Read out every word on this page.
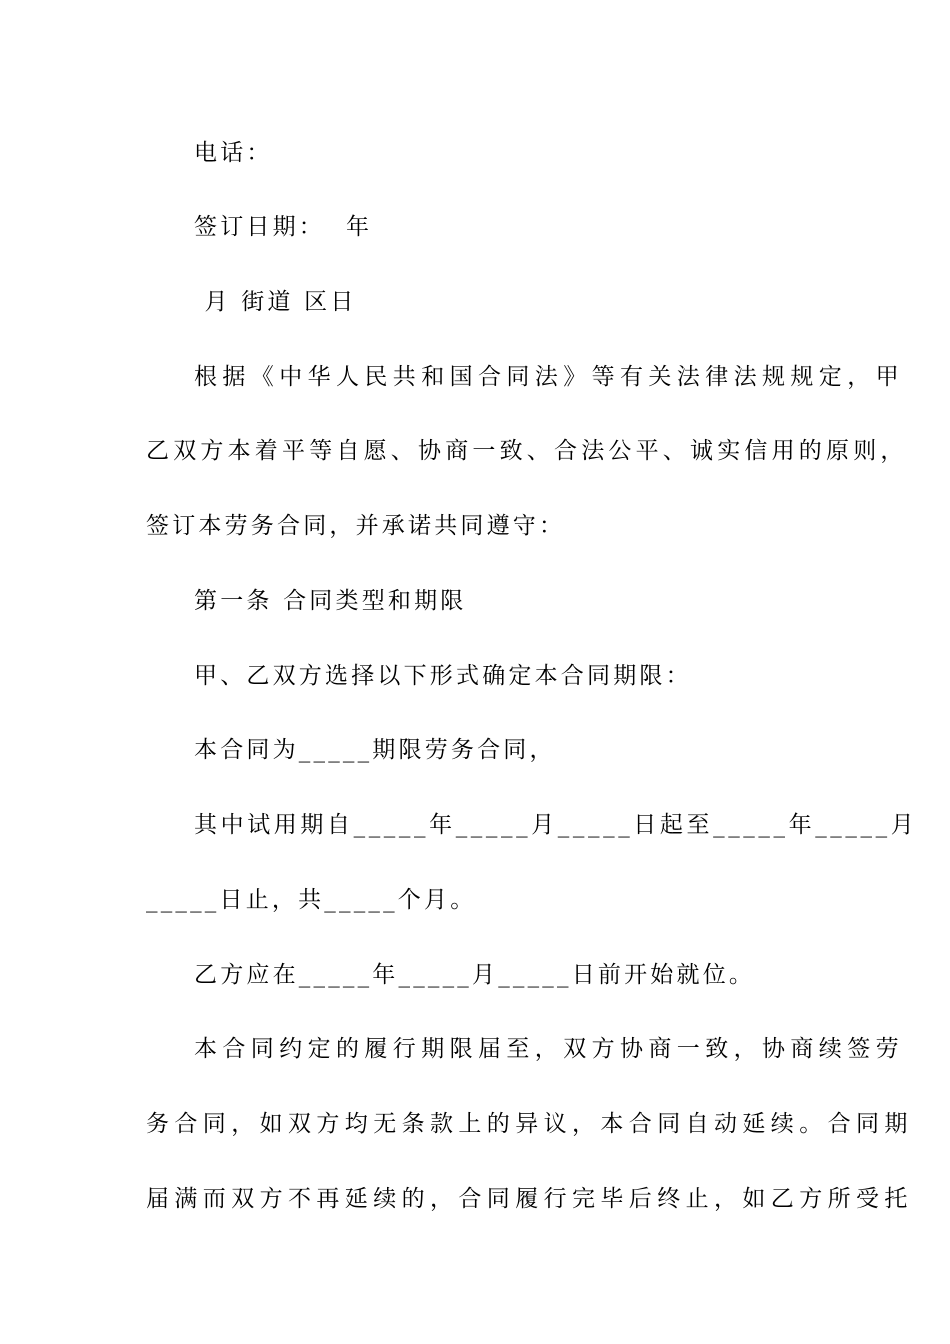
电话：
签订日期：  年
月 街道 区日
根据《中华人民共和国合同法》等有关法律法规规定，甲
乙双方本着平等自愿、协商一致、合法公平、诚实信用的原则，
签订本劳务合同，并承诺共同遵守：
第一条 合同类型和期限
甲、乙双方选择以下形式确定本合同期限：
本合同为_____期限劳务合同，
其中试用期自_____年_____月_____日起至_____年_____月
_____日止，共_____个月。
乙方应在_____年_____月_____日前开始就位。
本合同约定的履行期限届至，双方协商一致，协商续签劳
务合同，如双方均无条款上的异议，本合同自动延续。合同期
届满而双方不再延续的，合同履行完毕后终止，如乙方所受托
